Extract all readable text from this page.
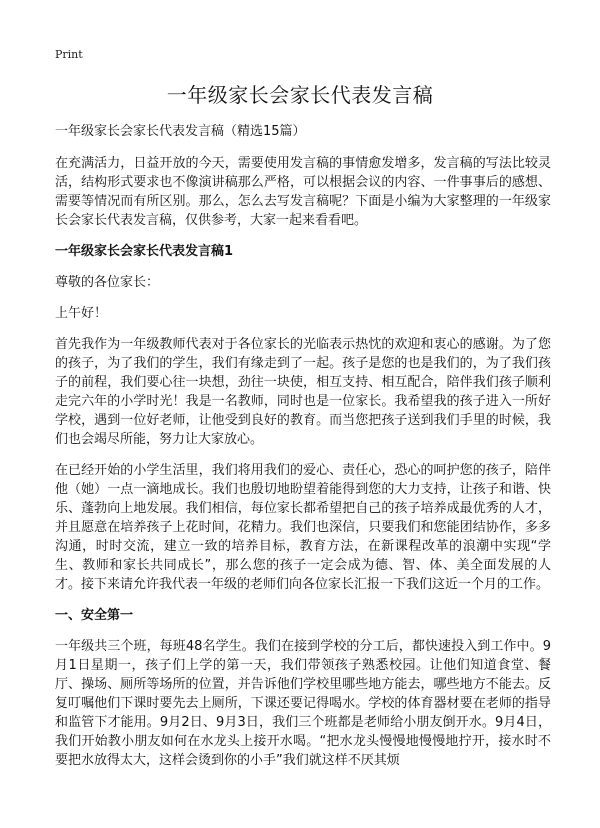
Print
一年级家长会家长代表发言稿
一年级家长会家长代表发言稿（精选15篇）

在充满活力，日益开放的今天，需要使用发言稿的事情愈发增多，发言稿的写法比较灵活，结构形式要求也不像演讲稿那么严格，可以根据会议的内容、一件事事后的感想、需要等情况而有所区别。那么，怎么去写发言稿呢？下面是小编为大家整理的一年级家长会家长代表发言稿，仅供参考，大家一起来看看吧。

一年级家长会家长代表发言稿1

尊敬的各位家长：

上午好！

首先我作为一年级教师代表对于各位家长的光临表示热忱的欢迎和衷心的感谢。为了您的孩子，为了我们的学生，我们有缘走到了一起。孩子是您的也是我们的，为了我们孩子的前程，我们要心往一块想，劲往一块使，相互支持、相互配合，陪伴我们孩子顺利走完六年的小学时光！我是一名教师，同时也是一位家长。我希望我的孩子进入一所好学校，遇到一位好老师，让他受到良好的教育。而当您把孩子送到我们手里的时候，我们也会竭尽所能，努力让大家放心。

在已经开始的小学生活里，我们将用我们的爱心、责任心，恐心的呵护您的孩子，陪伴他（她）一点一滴地成长。我们也殷切地盼望着能得到您的大力支持，让孩子和谐、快乐、蓬勃向上地发展。我们相信，每位家长都希望把自己的孩子培养成最优秀的人才，并且愿意在培养孩子上花时间，花精力。我们也深信，只要我们和您能团结协作，多多沟通，时时交流，建立一致的培养目标，教育方法，在新课程改革的浪潮中实现“学生、教师和家长共同成长”，那么您的孩子一定会成为德、智、体、美全面发展的人才。接下来请允许我代表一年级的老师们向各位家长汇报一下我们这近一个月的工作。

一、安全第一

一年级共三个班，每班48名学生。我们在接到学校的分工后，都快速投入到工作中。9月1日星期一，孩子们上学的第一天，我们带领孩子熟悉校园。让他们知道食堂、餐厅、操场、厕所等场所的位置，并告诉他们学校里哪些地方能去，哪些地方不能去。反复叮嘱他们下课时要先去上厕所，下课还要记得喝水。学校的体育器材要在老师的指导和监管下才能用。9月2日、9月3日，我们三个班都是老师给小朋友倒开水。9月4日，我们开始教小朋友如何在水龙头上接开水喝。“把水龙头慢慢地慢慢地拧开，接水时不要把水放得太大，这样会烫到你的小手”我们就这样不厌其烦
